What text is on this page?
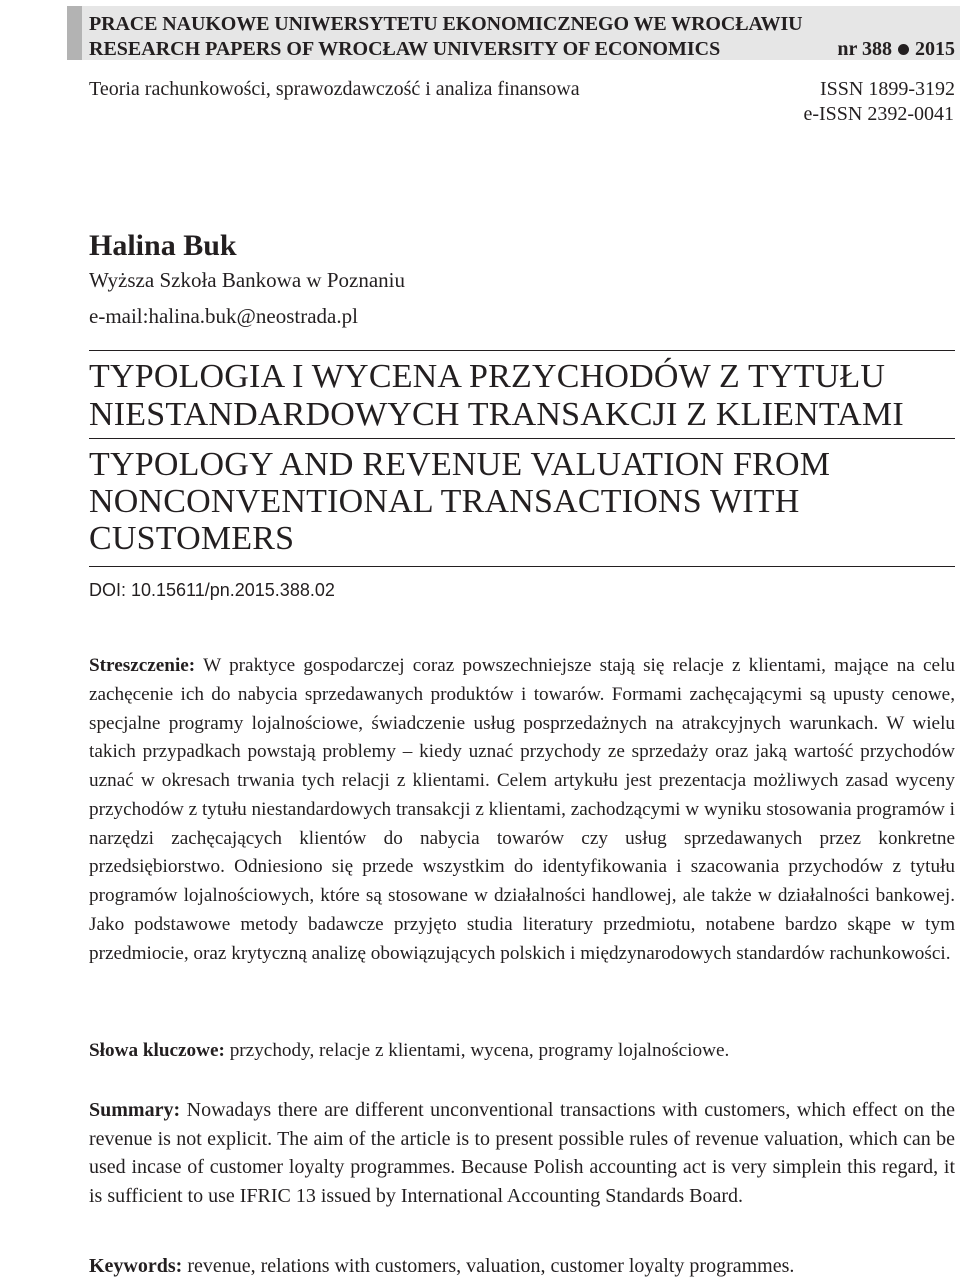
PRACE NAUKOWE UNIWERSYTETU EKONOMICZNEGO WE WROCŁAWIU
RESEARCH PAPERS OF WROCŁAW UNIVERSITY OF ECONOMICS	nr 388 2015
Teoria rachunkowości, sprawozdawczość i analiza finansowa	ISSN 1899-3192
e-ISSN 2392-0041
Halina Buk
Wyższa Szkoła Bankowa w Poznaniu
e-mail:halina.buk@neostrada.pl
TYPOLOGIA I WYCENA PRZYCHODÓW Z TYTUŁU NIESTANDARDOWYCH TRANSAKCJI Z KLIENTAMI
TYPOLOGY AND REVENUE VALUATION FROM NONCONVENTIONAL TRANSACTIONS WITH CUSTOMERS
DOI: 10.15611/pn.2015.388.02
Streszczenie: W praktyce gospodarczej coraz powszechniejsze stają się relacje z klientami, mające na celu zachęcenie ich do nabycia sprzedawanych produktów i towarów. Formami zachęcającymi są upusty cenowe, specjalne programy lojalnościowe, świadczenie usług posprzedażnych na atrakcyjnych warunkach. W wielu takich przypadkach powstają problemy – kiedy uznać przychody ze sprzedaży oraz jaką wartość przychodów uznać w okresach trwania tych relacji z klientami. Celem artykułu jest prezentacja możliwych zasad wyceny przychodów z tytułu niestandardowych transakcji z klientami, zachodzącymi w wyniku stosowania programów i narzędzi zachęcających klientów do nabycia towarów czy usług sprzedawanych przez konkretne przedsiębiorstwo. Odniesiono się przede wszystkim do identyfikowania i szacowania przychodów z tytułu programów lojalnościowych, które są stosowane w działalności handlowej, ale także w działalności bankowej. Jako podstawowe metody badawcze przyjęto studia literatury przedmiotu, notabene bardzo skąpe w tym przedmiocie, oraz krytyczną analizę obowiązujących polskich i międzynarodowych standardów rachunkowości.
Słowa kluczowe: przychody, relacje z klientami, wycena, programy lojalnościowe.
Summary: Nowadays there are different unconventional transactions with customers, which effect on the revenue is not explicit. The aim of the article is to present possible rules of revenue valuation, which can be used incase of customer loyalty programmes. Because Polish accounting act is very simplein this regard, it is sufficient to use IFRIC 13 issued by International Accounting Standards Board.
Keywords: revenue, relations with customers, valuation, customer loyalty programmes.
